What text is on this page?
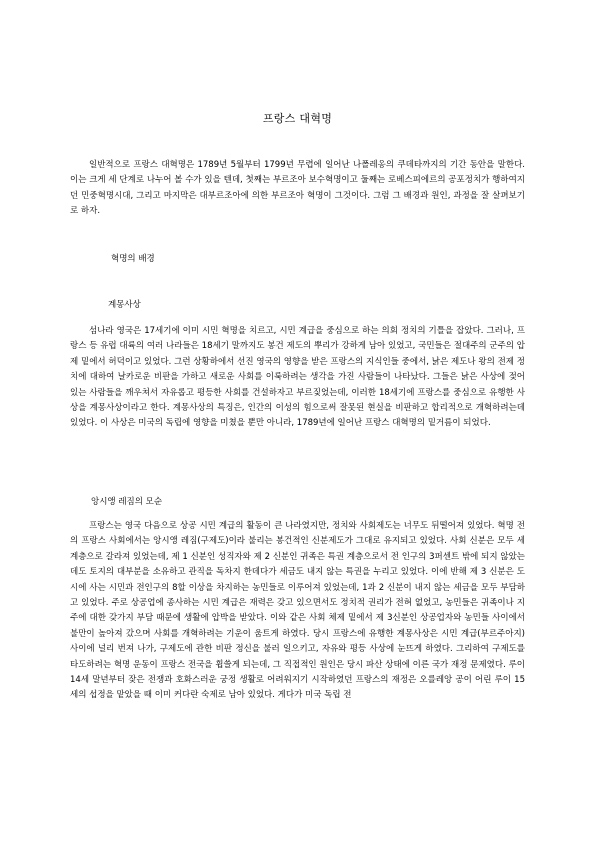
프랑스 대혁명

일반적으로 프랑스 대혁명은 1789년 5월부터 1799년 무렵에 일어난 나폴레옹의 쿠데타까지의 기간 동안을 말한다. 이는 크게 세 단계로 나누어 볼 수가 있을 텐데, 첫째는 부르조아 보수혁명이고 둘째는 로베스피에르의 공포정치가 행하여지던 민중혁명시대, 그리고 마지막은 대부르조아에 의한 부르조아 혁명이 그것이다. 그럼 그 배경과 원인, 과정을 잘 살펴보기로 하자.

혁명의 배경
계몽사상

섬나라 영국은 17세기에 이미 시민 혁명을 치르고, 시민 계급을 중심으로 하는 의회 정치의 기틀을 잡았다. 그러나, 프랑스 등 유럽 대륙의 여러 나라들은 18세기 말까지도 봉건 제도의 뿌리가 강하게 남아 있었고, 국민들은 절대주의 군주의 압제 밑에서 허덕이고 있었다. 그런 상황하에서 선진 영국의 영향을 받은 프랑스의 지식인들 중에서, 낡은 제도나 왕의 전제 정치에 대하여 날카로운 비판을 가하고 새로운 사회를 이룩하려는 생각을 가진 사람들이 나타났다. 그들은 낡은 사상에 젖어 있는 사람들을 깨우쳐서 자유롭고 평등한 사회를 건설하자고 부르짖었는데, 이러한 18세기에 프랑스를 중심으로 유행한 사상을 계몽사상이라고 한다. 계몽사상의 특징은, 인간의 이성의 힘으로써 잘못된 현실을 비판하고 합리적으로 개혁하려는데 있었다. 이 사상은 미국의 독립에 영향을 미쳤을 뿐만 아니라, 1789년에 일어난 프랑스 대혁명의 밑거름이 되었다.

앙시앵 레짐의 모순

프랑스는 영국 다음으로 상공 시민 계급의 활동이 큰 나라였지만, 정치와 사회제도는 너무도 뒤떨어져 있었다. 혁명 전의 프랑스 사회에서는 앙시앵 레짐(구제도)이라 불리는 봉건적인 신분제도가 그대로 유지되고 있었다. 사회 신분은 모두 세 계층으로 갈라져 있었는데, 제 1 신분인 성직자와 제 2 신분인 귀족은 특권 계층으로서 전 인구의 3퍼센트 밖에 되지 않았는데도 토지의 대부분을 소유하고 관직을 독차지 한데다가 세금도 내지 않는 특권을 누리고 있었다. 이에 반해 제 3 신분은 도시에 사는 시민과 전인구의 8할 이상을 차지하는 농민들로 이루어져 있었는데, 1과 2 신분이 내지 않는 세금을 모두 부담하고 있었다. 주로 상공업에 종사하는 시민 계급은 재력은 갖고 있으면서도 정치적 권리가 전혀 없었고, 농민들은 귀족이나 지주에 대한 갖가지 부담 때문에 생활에 압박을 받았다. 이와 같은 사회 체제 밑에서 제 3신분인 상공업자와 농민들 사이에서 불만이 높아져 갔으며 사회를 개혁하려는 기운이 움트게 하였다. 당시 프랑스에 유행한 계몽사상은 시민 계급(부르주아지) 사이에 널리 번져 나가, 구제도에 관한 비판 정신을 불러 일으키고, 자유와 평등 사상에 눈뜨게 하였다. 그리하여 구제도를 타도하려는 혁명 운동이 프랑스 전국을 휩쓸게 되는데, 그 직접적인 원인은 당시 파산 상태에 이른 국가 재정 문제였다. 루이 14세 말년부터 잦은 전쟁과 호화스러운 궁정 생활로 어려워지기 시작하였던 프랑스의 재정은 오를레앙 공이 어린 루이 15세의 섭정을 맡았을 때 이미 커다란 숙제로 남아 있었다. 게다가 미국 독립 전
